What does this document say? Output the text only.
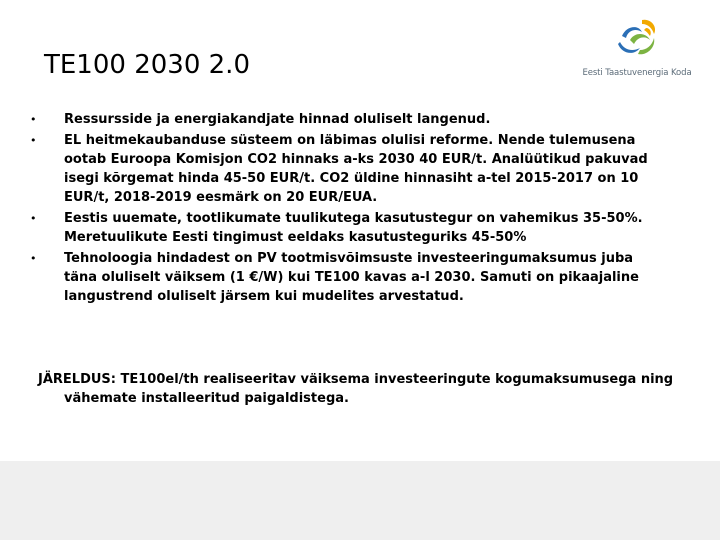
TE100 2030 2.0	Eesti Taastuvenergia Koda
•	Ressursside ja energiakandjate hinnad oluliselt langenud.
•	EL heitmekaubanduse süsteem on läbimas olulisi reforme. Nende tulemusena ootab Euroopa Komisjon CO2 hinnaks a-ks 2030 40 EUR/t. Analüütikud pakuvad isegi kõrgemat hinda 45-50 EUR/t. CO2 üldine hinnasiht a-tel 2015-2017 on 10 EUR/t, 2018-2019 eesmärk on 20 EUR/EUA.
•	Eestis uuemate, tootlikumate tuulikutega kasutustegur on vahemikus 35-50%. Meretuulikute Eesti tingimust eeldaks kasutusteguriks 45-50%
•	Tehnoloogia hindadest on PV tootmisvõimsuste investeeringumaksumus juba täna oluliselt väiksem (1 €/W) kui TE100 kavas a-l 2030. Samuti on pikaajaline langustrend oluliselt järsem kui mudelites arvestatud.

JÄRELDUS: TE100el/th realiseeritav väiksema investeeringute kogumaksumusega ning vähemate installeeritud paigaldistega.
